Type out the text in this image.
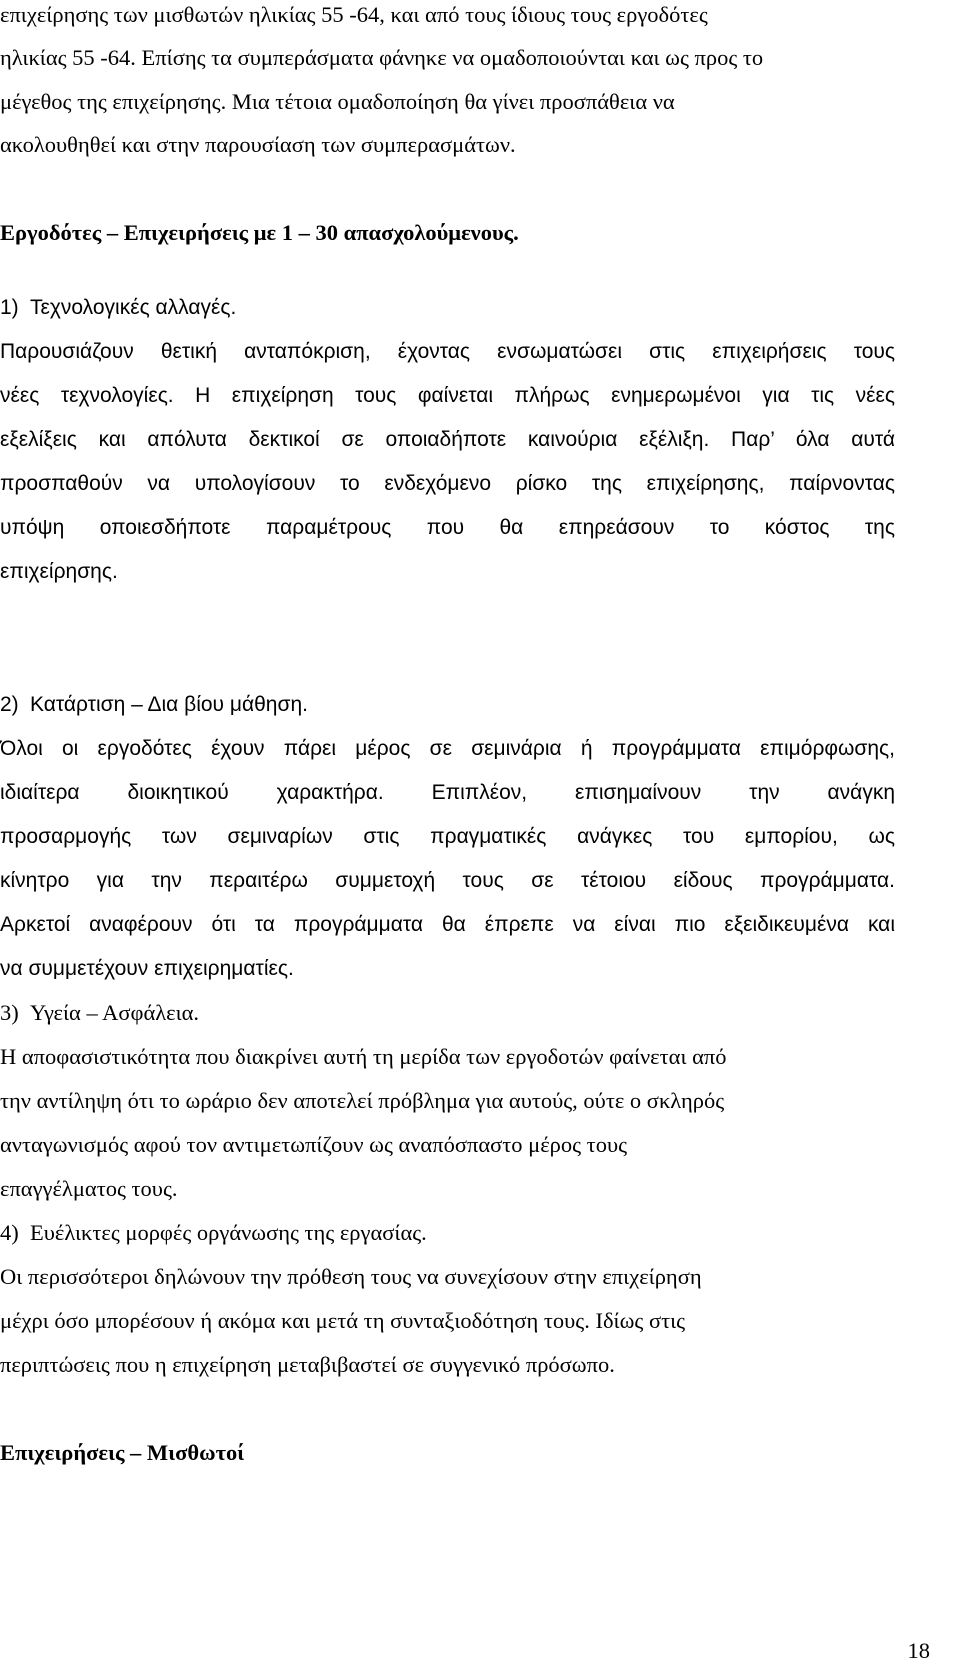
επιχείρησης των μισθωτών ηλικίας 55 -64, και από τους ίδιους τους εργοδότες

ηλικίας 55 -64. Επίσης τα συμπεράσματα φάνηκε να ομαδοποιούνται και ως προς το

μέγεθος της επιχείρησης. Μια τέτοια ομαδοποίηση θα γίνει προσπάθεια να

ακολουθηθεί και στην παρουσίαση των συμπερασμάτων.

Εργοδότες – Επιχειρήσεις με 1 – 30 απασχολούμενους.

1) Τεχνολογικές αλλαγές.

Παρουσιάζουν θετική ανταπόκριση, έχοντας ενσωματώσει στις επιχειρήσεις τους

νέες τεχνολογίες. Η επιχείρηση τους φαίνεται πλήρως ενημερωμένοι για τις νέες

εξελίξεις και απόλυτα δεκτικοί σε οποιαδήποτε καινούρια εξέλιξη. Παρ’ όλα αυτά

προσπαθούν να υπολογίσουν το ενδεχόμενο ρίσκο της επιχείρησης, παίρνοντας

υπόψη οποιεσδήποτε παραμέτρους που θα επηρεάσουν το κόστος της

επιχείρησης.

2) Κατάρτιση – Δια βίου μάθηση.

Όλοι οι εργοδότες έχουν πάρει μέρος σε σεμινάρια ή προγράμματα επιμόρφωσης,

ιδιαίτερα διοικητικού χαρακτήρα. Επιπλέον, επισημαίνουν την ανάγκη

προσαρμογής των σεμιναρίων στις πραγματικές ανάγκες του εμπορίου, ως

κίνητρο για την περαιτέρω συμμετοχή τους σε τέτοιου είδους προγράμματα.

Αρκετοί αναφέρουν ότι τα προγράμματα θα έπρεπε να είναι πιο εξειδικευμένα και

να συμμετέχουν επιχειρηματίες.

3) Υγεία – Ασφάλεια.

Η αποφασιστικότητα που διακρίνει αυτή τη μερίδα των εργοδοτών φαίνεται από

την αντίληψη ότι το ωράριο δεν αποτελεί πρόβλημα για αυτούς, ούτε ο σκληρός

ανταγωνισμός αφού τον αντιμετωπίζουν ως αναπόσπαστο μέρος τους

επαγγέλματος τους.

4) Ευέλικτες μορφές οργάνωσης της εργασίας.

Οι περισσότεροι δηλώνουν την πρόθεση τους να συνεχίσουν στην επιχείρηση

μέχρι όσο μπορέσουν ή ακόμα και μετά τη συνταξιοδότηση τους. Ιδίως στις

περιπτώσεις που η επιχείρηση μεταβιβαστεί σε συγγενικό πρόσωπο.

Επιχειρήσεις – Μισθωτοί

18
